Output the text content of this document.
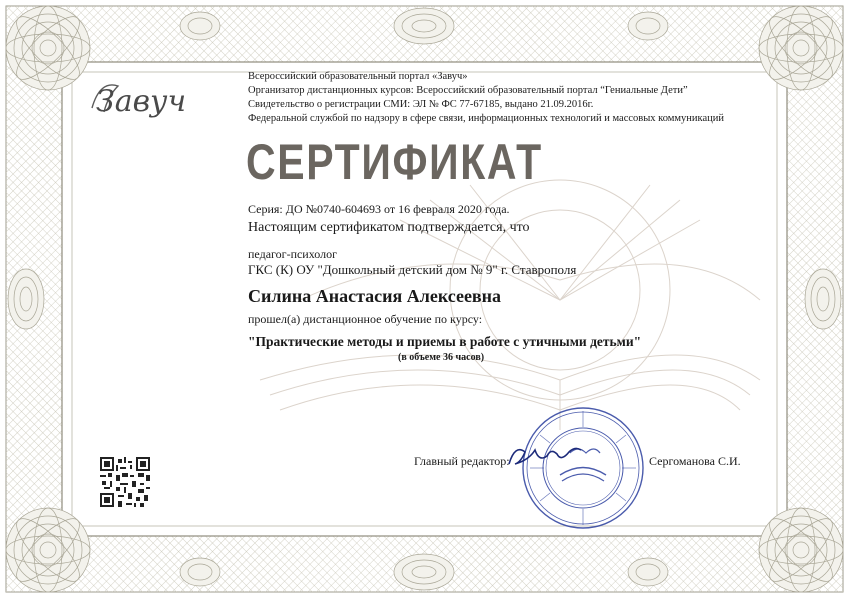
Всероссийский образовательный портал «Завуч»
Организатор дистанционных курсов: Всероссийский образовательный портал “Гениальные Дети”
Свидетельство о регистрации СМИ: ЭЛ № ФС 77-67185, выдано 21.09.2016г.
Федеральной службой по надзору в сфере связи, информационных технологий и массовых коммуникаций
Завуч
СЕРТИФИКАТ
Серия: ДО №0740-604693 от 16 февраля 2020 года.
Настоящим сертификатом подтверждается, что
педагог-психолог
ГКС (К) ОУ "Дошкольный детский дом № 9" г. Ставрополя
Силина Анастасия Алексеевна
прошел(а) дистанционное обучение по курсу:
"Практические методы и приемы в работе с утичными детьми"
(в объеме 36 часов)
Главный редактор:	Сергоманова С.И.
